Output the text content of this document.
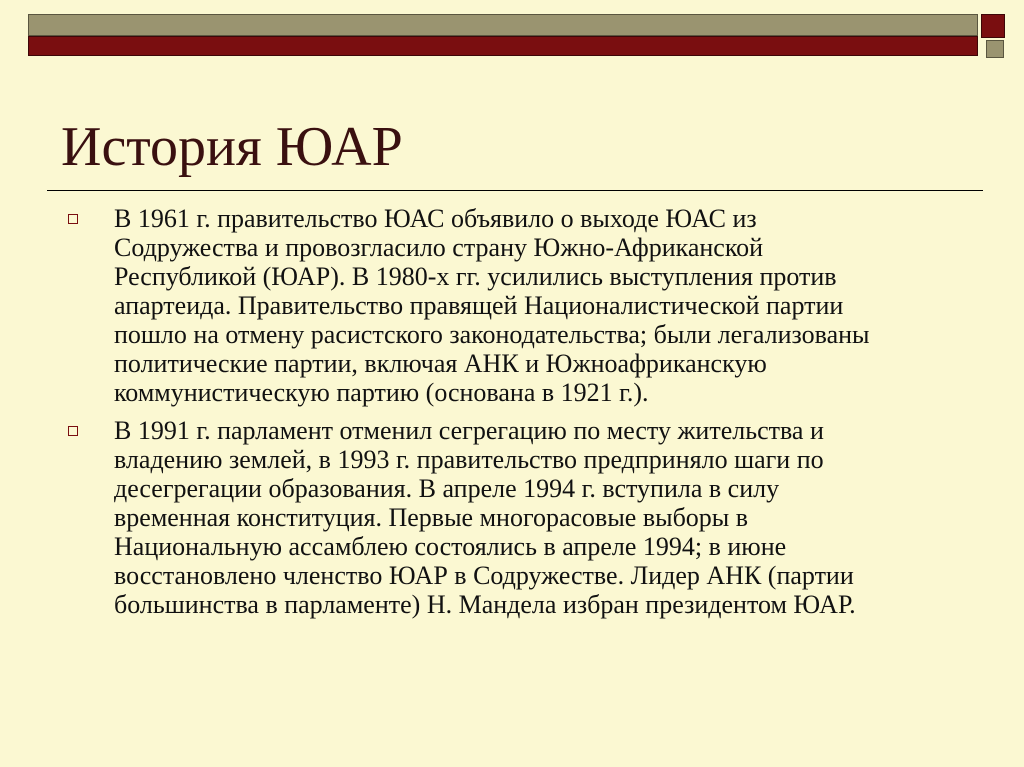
История ЮАР
В 1961 г. правительство ЮАС объявило о выходе ЮАС из
Содружества и провозгласило страну Южно-Африканской
Республикой (ЮАР). В 1980-х гг. усилились выступления против
апартеида. Правительство правящей Националистической партии
пошло на отмену расистского законодательства; были легализованы
политические партии, включая АНК и Южноафриканскую
коммунистическую партию (основана в 1921 г.).
В 1991 г. парламент отменил сегрегацию по месту жительства и
владению землей, в 1993 г. правительство предприняло шаги по
десегрегации образования. В апреле 1994 г. вступила в силу
временная конституция. Первые многорасовые выборы в
Национальную ассамблею состоялись в апреле 1994; в июне
восстановлено членство ЮАР в Содружестве. Лидер АНК (партии
большинства в парламенте) Н. Мандела избран президентом ЮАР.
